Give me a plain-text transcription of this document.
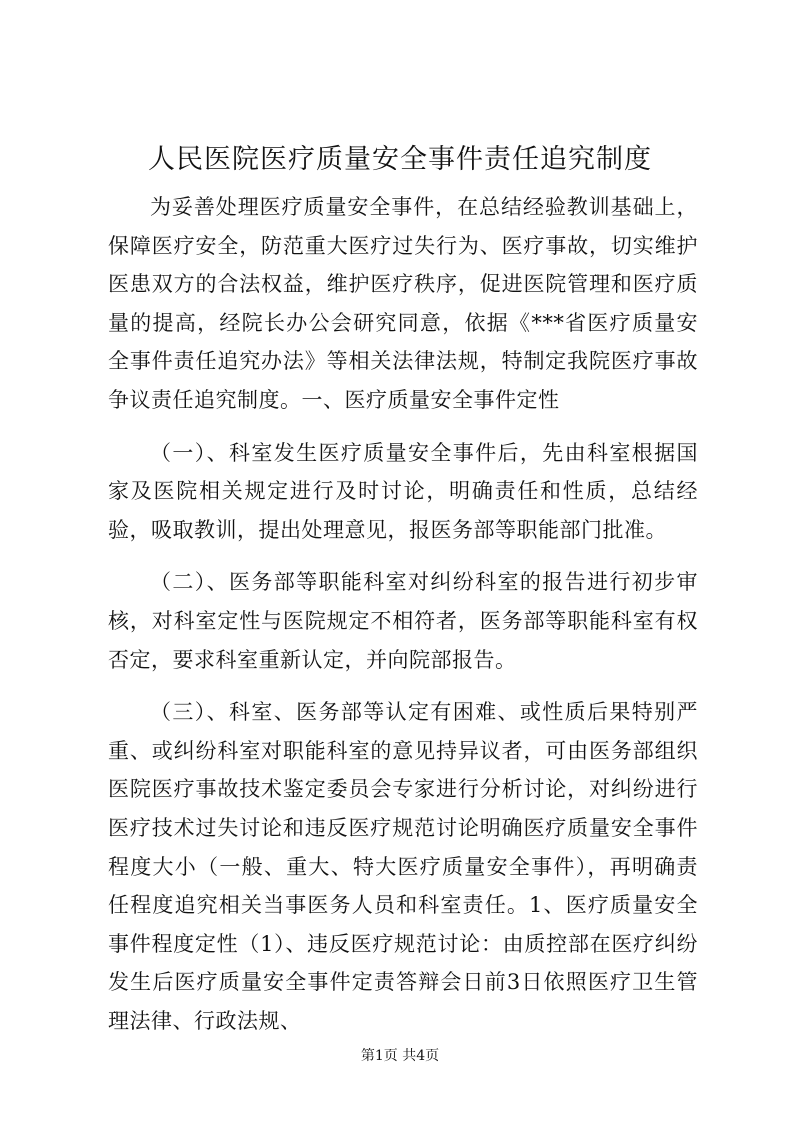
人民医院医疗质量安全事件责任追究制度

为妥善处理医疗质量安全事件，在总结经验教训基础上，保障医疗安全，防范重大医疗过失行为、医疗事故，切实维护医患双方的合法权益，维护医疗秩序，促进医院管理和医疗质量的提高，经院长办公会研究同意，依据《***省医疗质量安全事件责任追究办法》等相关法律法规，特制定我院医疗事故争议责任追究制度。一、医疗质量安全事件定性

（一）、科室发生医疗质量安全事件后，先由科室根据国家及医院相关规定进行及时讨论，明确责任和性质，总结经验，吸取教训，提出处理意见，报医务部等职能部门批准。

（二）、医务部等职能科室对纠纷科室的报告进行初步审核，对科室定性与医院规定不相符者，医务部等职能科室有权否定，要求科室重新认定，并向院部报告。

（三）、科室、医务部等认定有困难、或性质后果特别严重、或纠纷科室对职能科室的意见持异议者，可由医务部组织医院医疗事故技术鉴定委员会专家进行分析讨论，对纠纷进行医疗技术过失讨论和违反医疗规范讨论明确医疗质量安全事件程度大小（一般、重大、特大医疗质量安全事件），再明确责任程度追究相关当事医务人员和科室责任。1、医疗质量安全事件程度定性（1）、违反医疗规范讨论：由质控部在医疗纠纷发生后医疗质量安全事件定责答辩会日前3日依照医疗卫生管理法律、行政法规、

第1页 共4页
